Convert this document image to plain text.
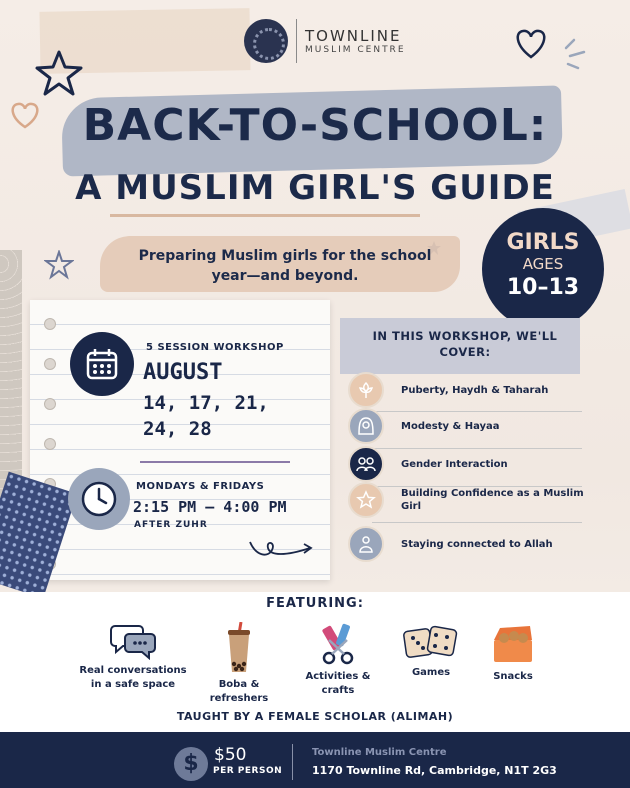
TOWNLINE
MUSLIM CENTRE
BACK-TO-SCHOOL:
A MUSLIM GIRL'S GUIDE
Preparing Muslim girls for the school year—and beyond.
GIRLS
AGES
10–13
5 SESSION WORKSHOP
AUGUST
14, 17, 21,
24, 28
MONDAYS & FRIDAYS
2:15 PM – 4:00 PM
AFTER ZUHR
IN THIS WORKSHOP, WE'LL COVER:
Puberty, Haydh & Taharah
Modesty & Hayaa
Gender Interaction
Building Confidence as a Muslim Girl
Staying connected to Allah
FEATURING:
Real conversations in a safe space	Boba & refreshers
Activities & crafts
Games	Snacks
TAUGHT BY A FEMALE SCHOLAR (ALIMAH)
$ $50
PER PERSON
Townline Muslim Centre
1170 Townline Rd, Cambridge, N1T 2G3
